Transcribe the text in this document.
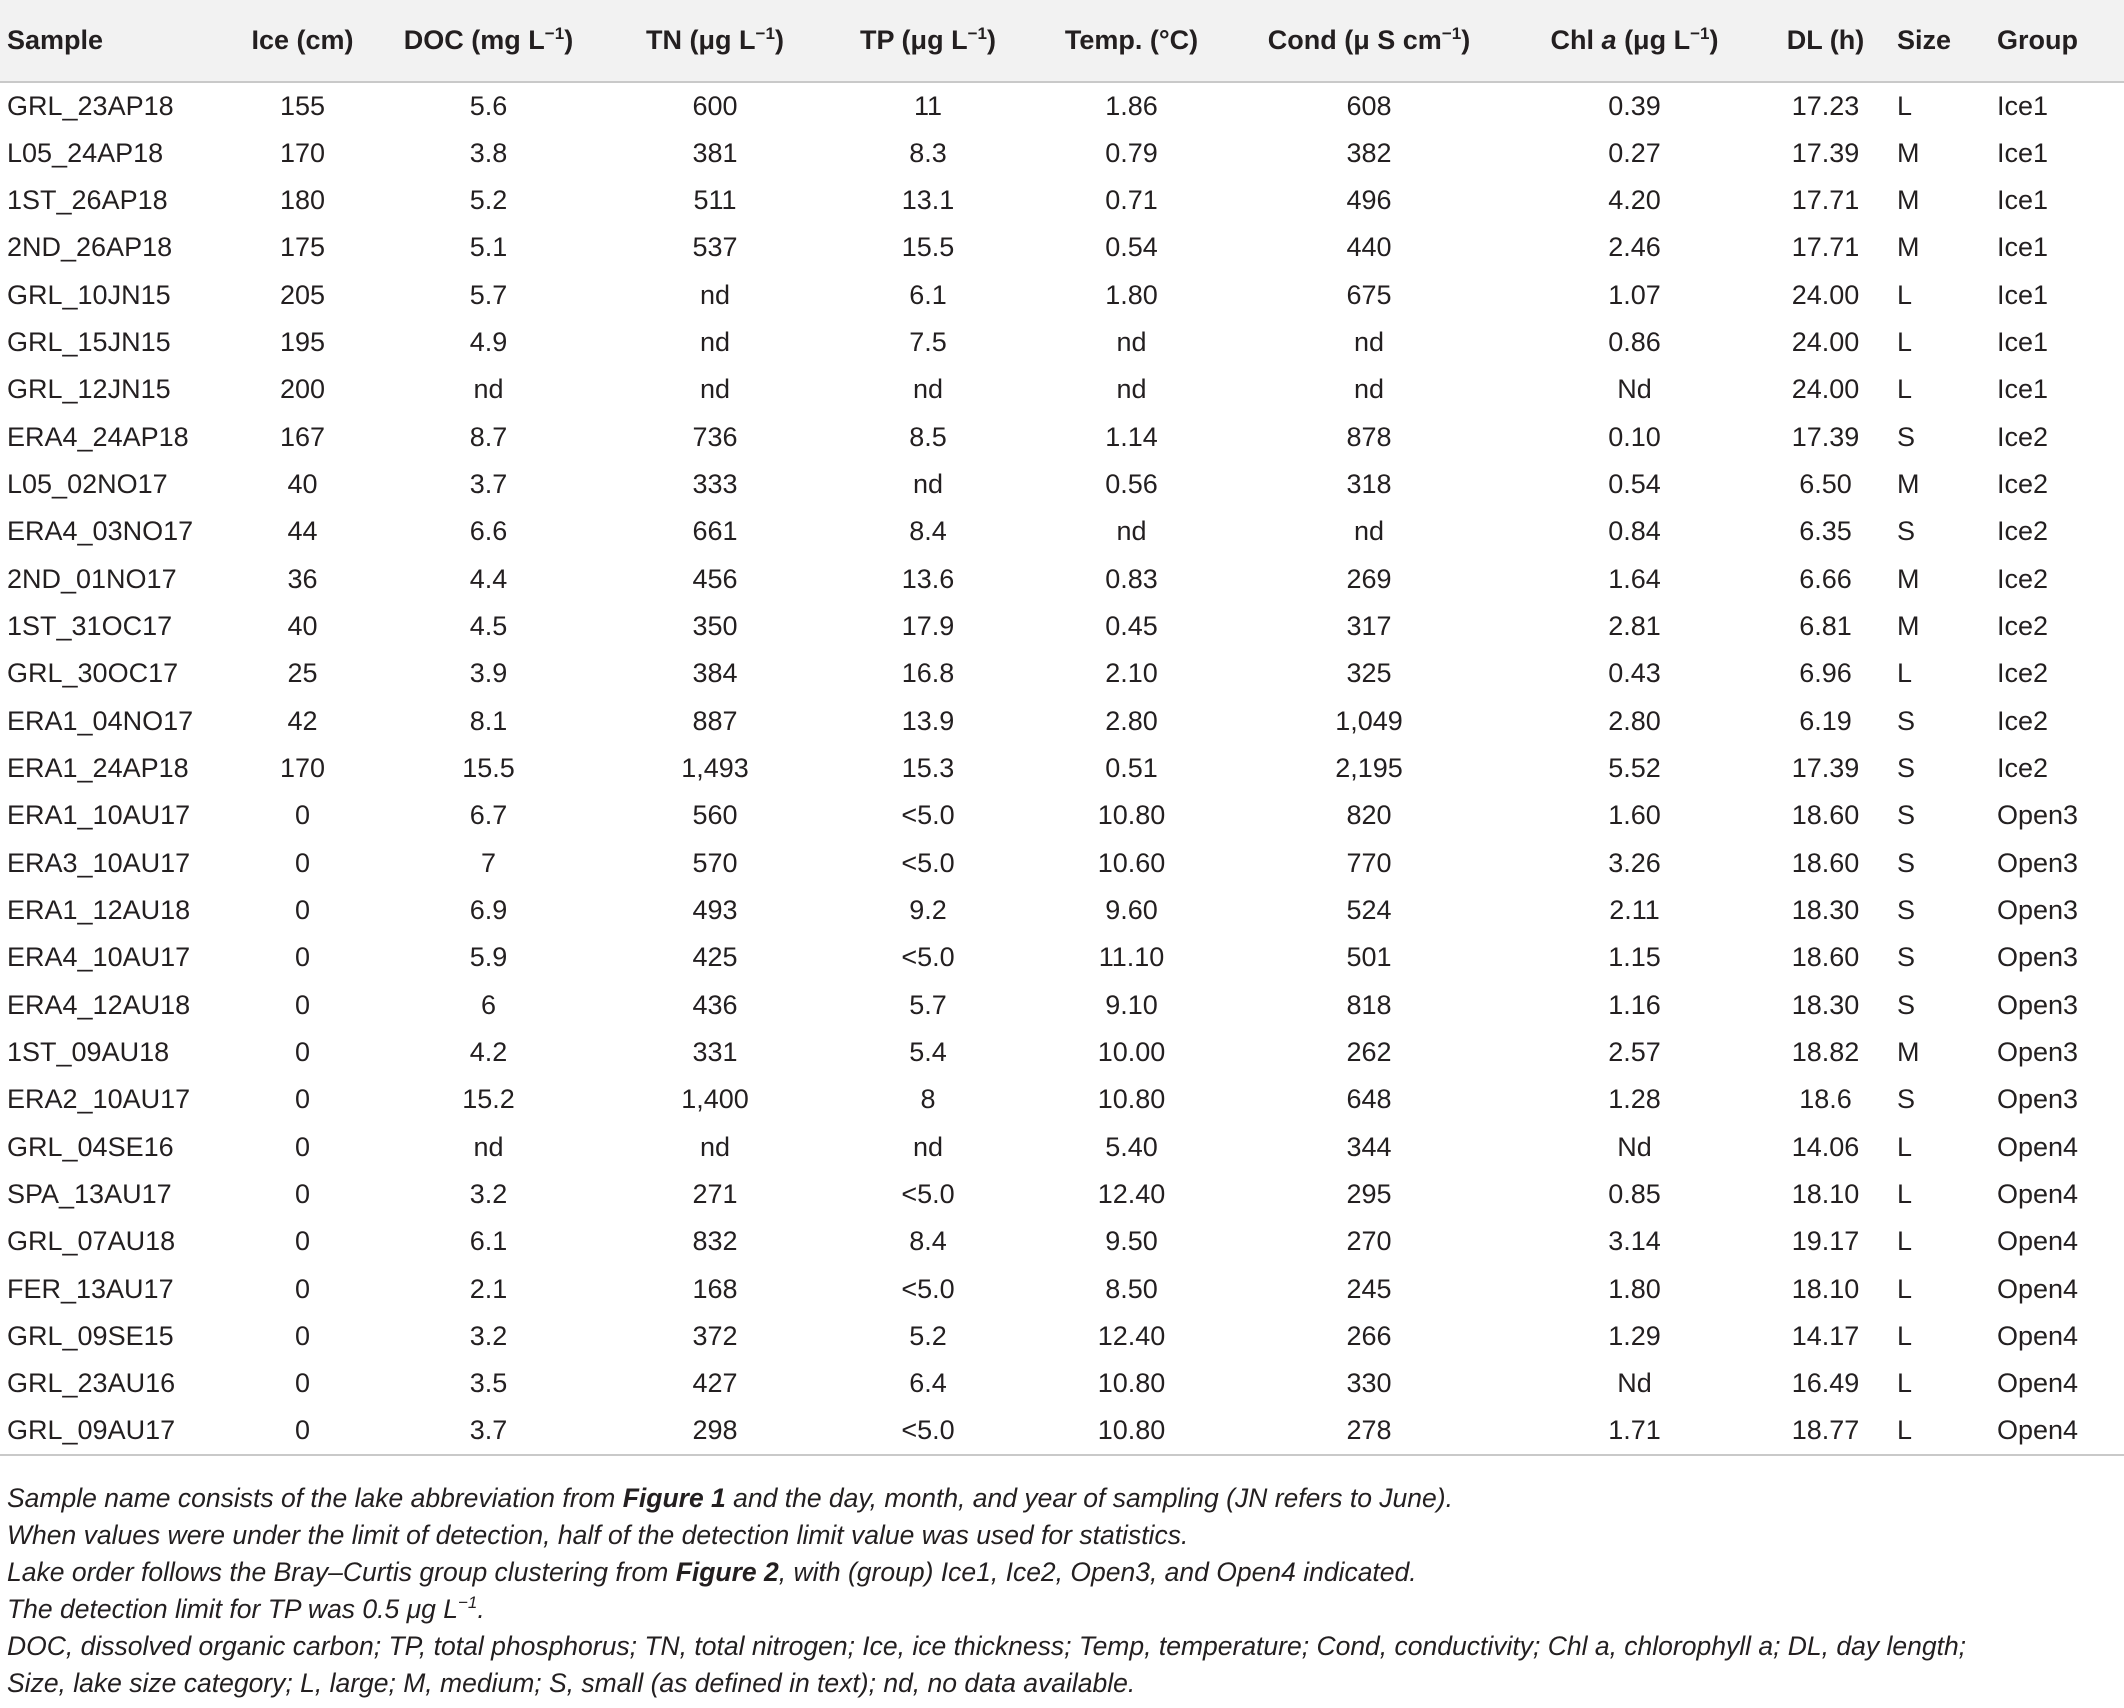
Sample	Ice (cm)	DOC (mg $L^{-1}$)	TN (μg $L^{-1}$)	TP (μg $L^{-1}$)	Temp. (°C)	Cond (μ S $cm^{-1}$)	Chl a (μg $L^{-1}$)	DL (h)	Size	Group
GRL_23AP18	155	5.6	600	11	1.86	608	0.39	17.23	L	Ice1
L05_24AP18	170	3.8	381	8.3	0.79	382	0.27	17.39	M	Ice1
1ST_26AP18	180	5.2	511	13.1	0.71	496	4.20	17.71	M	Ice1
2ND_26AP18	175	5.1	537	15.5	0.54	440	2.46	17.71	M	Ice1
GRL_10JN15	205	5.7	nd	6.1	1.80	675	1.07	24.00	L	Ice1
GRL_15JN15	195	4.9	nd	7.5	nd	nd	0.86	24.00	L	Ice1
GRL_12JN15	200	nd	nd	nd	nd	nd	Nd	24.00	L	Ice1
ERA4_24AP18	167	8.7	736	8.5	1.14	878	0.10	17.39	S	Ice2
L05_02NO17	40	3.7	333	nd	0.56	318	0.54	6.50	M	Ice2
ERA4_03NO17	44	6.6	661	8.4	nd	nd	0.84	6.35	S	Ice2
2ND_01NO17	36	4.4	456	13.6	0.83	269	1.64	6.66	M	Ice2
1ST_31OC17	40	4.5	350	17.9	0.45	317	2.81	6.81	M	Ice2
GRL_30OC17	25	3.9	384	16.8	2.10	325	0.43	6.96	L	Ice2
ERA1_04NO17	42	8.1	887	13.9	2.80	1,049	2.80	6.19	S	Ice2
ERA1_24AP18	170	15.5	1,493	15.3	0.51	2,195	5.52	17.39	S	Ice2
ERA1_10AU17	0	6.7	560	<5.0	10.80	820	1.60	18.60	S	Open3
ERA3_10AU17	0	7	570	<5.0	10.60	770	3.26	18.60	S	Open3
ERA1_12AU18	0	6.9	493	9.2	9.60	524	2.11	18.30	S	Open3
ERA4_10AU17	0	5.9	425	<5.0	11.10	501	1.15	18.60	S	Open3
ERA4_12AU18	0	6	436	5.7	9.10	818	1.16	18.30	S	Open3
1ST_09AU18	0	4.2	331	5.4	10.00	262	2.57	18.82	M	Open3
ERA2_10AU17	0	15.2	1,400	8	10.80	648	1.28	18.6	S	Open3
GRL_04SE16	0	nd	nd	nd	5.40	344	Nd	14.06	L	Open4
SPA_13AU17	0	3.2	271	<5.0	12.40	295	0.85	18.10	L	Open4
GRL_07AU18	0	6.1	832	8.4	9.50	270	3.14	19.17	L	Open4
FER_13AU17	0	2.1	168	<5.0	8.50	245	1.80	18.10	L	Open4
GRL_09SE15	0	3.2	372	5.2	12.40	266	1.29	14.17	L	Open4
GRL_23AU16	0	3.5	427	6.4	10.80	330	Nd	16.49	L	Open4
GRL_09AU17	0	3.7	298	<5.0	10.80	278	1.71	18.77	L	Open4

Sample name consists of the lake abbreviation from Figure 1 and the day, month, and year of sampling (JN refers to June).

When values were under the limit of detection, half of the detection limit value was used for statistics.

Lake order follows the Bray–Curtis group clustering from Figure 2, with (group) Ice1, Ice2, Open3, and Open4 indicated.

The detection limit for TP was 0.5 μg $L^{-1}$.

DOC, dissolved organic carbon; TP, total phosphorus; TN, total nitrogen; Ice, ice thickness; Temp, temperature; Cond, conductivity; Chl a, chlorophyll a; DL, day length;

Size, lake size category; L, large; M, medium; S, small (as defined in text); nd, no data available.
